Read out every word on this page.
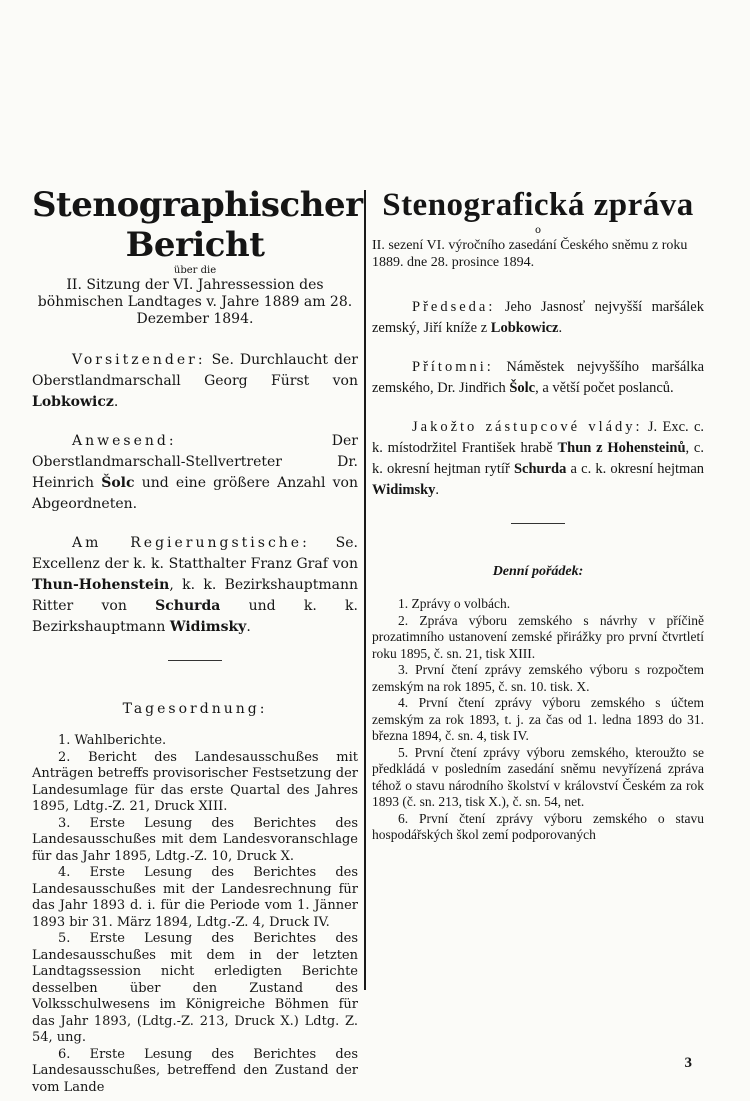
Stenographischer Bericht
über die

II. Sitzung der VI. Jahressession des böhmischen Landtages v. Jahre 1889 am 28. Dezember 1894.

Vorsitzender: Se. Durchlaucht der Oberstlandmarschall Georg Fürst von Lobkowicz.

Anwesend: Der Oberstlandmarschall-Stellvertreter Dr. Heinrich Šolc und eine größere Anzahl von Abgeordneten.

Am Regierungstische: Se. Excellenz der k. k. Statthalter Franz Graf von Thun-Hohenstein, k. k. Bezirkshauptmann Ritter von Schurda und k. k. Bezirkshauptmann Widimsky.

Tagesordnung:

1. Wahlberichte.

2. Bericht des Landesausschußes mit Anträgen betreffs provisorischer Festsetzung der Landesumlage für das erste Quartal des Jahres 1895, Ldtg.-Z. 21, Druck XIII.

3. Erste Lesung des Berichtes des Landesausschußes mit dem Landesvoranschlage für das Jahr 1895, Ldtg.-Z. 10, Druck X.

4. Erste Lesung des Berichtes des Landesausschußes mit der Landesrechnung für das Jahr 1893 d. i. für die Periode vom 1. Jänner 1893 bir 31. März 1894, Ldtg.-Z. 4, Druck IV.

5. Erste Lesung des Berichtes des Landesausschußes mit dem in der letzten Landtagssession nicht erledigten Berichte desselben über den Zustand des Volksschulwesens im Königreiche Böhmen für das Jahr 1893, (Ldtg.-Z. 213, Druck X.) Ldtg. Z. 54, ung.

6. Erste Lesung des Berichtes des Landesausschußes, betreffend den Zustand der vom Lande

Stenografická zpráva
o

II. sezení VI. výročního zasedání Českého sněmu z roku 1889. dne 28. prosince 1894.

Předseda: Jeho Jasnosť nejvyšší maršálek zemský, Jiří kníže z Lobkowicz.

Přítomni: Náměstek nejvyššího maršálka zemského, Dr. Jindřich Šolc, a větší počet poslanců.

Jakožto zástupcové vlády: J. Exc. c. k. místodržitel František hrabě Thun z Hohensteinů, c. k. okresní hejtman rytíř Schurda a c. k. okresní hejtman Widimsky.

Denní pořádek:

1. Zprávy o volbách.

2. Zpráva výboru zemského s návrhy v příčině prozatimního ustanovení zemské přirážky pro první čtvrtletí roku 1895, č. sn. 21, tisk XIII.

3. První čtení zprávy zemského výboru s rozpočtem zemským na rok 1895, č. sn. 10. tisk. X.

4. První čtení zprávy výboru zemského s účtem zemským za rok 1893, t. j. za čas od 1. ledna 1893 do 31. března 1894, č. sn. 4, tisk IV.

5. První čtení zprávy výboru zemského, kteroužto se předkládá v posledním zasedání sněmu nevyřízená zpráva téhož o stavu národního školství v království Českém za rok 1893 (č. sn. 213, tisk X.), č. sn. 54, net.

6. První čtení zprávy výboru zemského o stavu hospodářských škol zemí podporovaných

3
